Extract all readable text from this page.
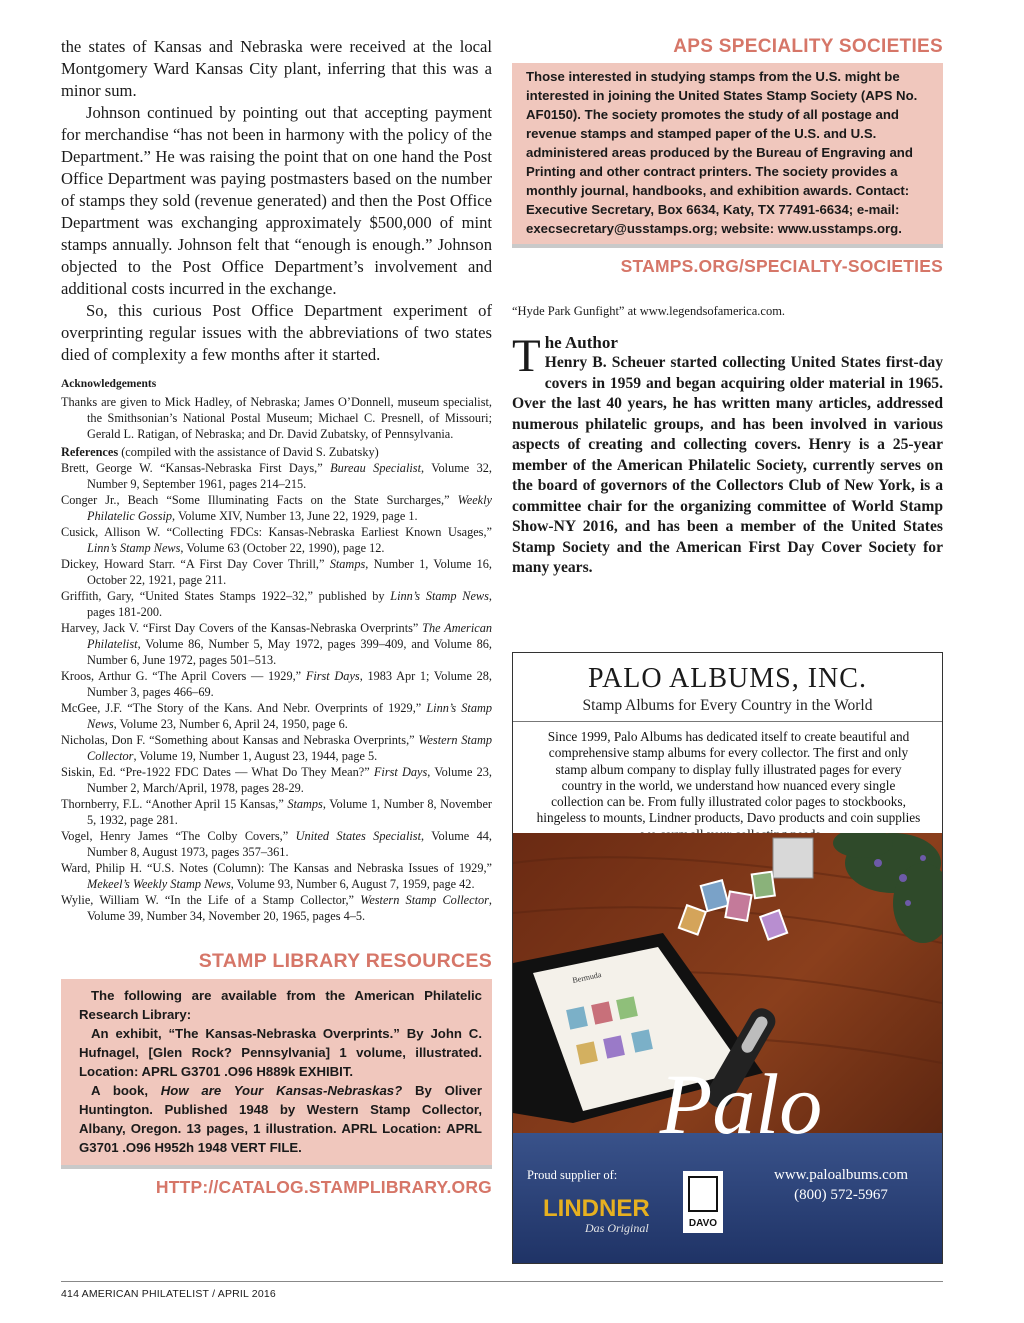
the states of Kansas and Nebraska were received at the local Montgomery Ward Kansas City plant, inferring that this was a minor sum.

Johnson continued by pointing out that accepting payment for merchandise “has not been in harmony with the policy of the Department.” He was raising the point that on one hand the Post Office Department was paying postmasters based on the number of stamps they sold (revenue generated) and then the Post Office Department was exchanging approximately $500,000 of mint stamps annually. Johnson felt that “enough is enough.” Johnson objected to the Post Office Department’s involvement and additional costs incurred in the exchange.

So, this curious Post Office Department experiment of overprinting regular issues with the abbreviations of two states died of complexity a few months after it started.

Acknowledgements

Thanks are given to Mick Hadley, of Nebraska; James O’Donnell, museum specialist, the Smithsonian’s National Postal Museum; Michael C. Presnell, of Missouri; Gerald L. Ratigan, of Nebraska; and Dr. David Zubatsky, of Pennsylvania.

References (compiled with the assistance of David S. Zubatsky)

Brett, George W. “Kansas-Nebraska First Days,” Bureau Specialist, Volume 32, Number 9, September 1961, pages 214–215.

Conger Jr., Beach “Some Illuminating Facts on the State Surcharges,” Weekly Philatelic Gossip, Volume XIV, Number 13, June 22, 1929, page 1.

Cusick, Allison W. “Collecting FDCs: Kansas-Nebraska Earliest Known Usages,” Linn’s Stamp News, Volume 63 (October 22, 1990), page 12.

Dickey, Howard Starr. “A First Day Cover Thrill,” Stamps, Number 1, Volume 16, October 22, 1921, page 211.

Griffith, Gary, “United States Stamps 1922–32,” published by Linn’s Stamp News, pages 181-200.

Harvey, Jack V. “First Day Covers of the Kansas-Nebraska Overprints” The American Philatelist, Volume 86, Number 5, May 1972, pages 399–409, and Volume 86, Number 6, June 1972, pages 501–513.

Kroos, Arthur G. “The April Covers — 1929,” First Days, 1983 Apr 1; Volume 28, Number 3, pages 466–69.

McGee, J.F. “The Story of the Kans. And Nebr. Overprints of 1929,” Linn’s Stamp News, Volume 23, Number 6, April 24, 1950, page 6.

Nicholas, Don F. “Something about Kansas and Nebraska Overprints,” Western Stamp Collector, Volume 19, Number 1, August 23, 1944, page 5.

Siskin, Ed. “Pre-1922 FDC Dates — What Do They Mean?” First Days, Volume 23, Number 2, March/April, 1978, pages 28-29.

Thornberry, F.L. “Another April 15 Kansas,” Stamps, Volume 1, Number 8, November 5, 1932, page 281.

Vogel, Henry James “The Colby Covers,” United States Specialist, Volume 44, Number 8, August 1973, pages 357–361.

Ward, Philip H. “U.S. Notes (Column): The Kansas and Nebraska Issues of 1929,” Mekeel’s Weekly Stamp News, Volume 93, Number 6, August 7, 1959, page 42.

Wylie, William W. “In the Life of a Stamp Collector,” Western Stamp Collector, Volume 39, Number 34, November 20, 1965, pages 4–5.

STAMP LIBRARY RESOURCES
The following are available from the American Philatelic Research Library:
An exhibit, “The Kansas-Nebraska Overprints.” By John C. Hufnagel, [Glen Rock? Pennsylvania] 1 volume, illustrated. Location: APRL G3701 .O96 H889k EXHIBIT.
A book, How are Your Kansas-Nebraskas? By Oliver Huntington. Published 1948 by Western Stamp Collector, Albany, Oregon. 13 pages, 1 illustration. APRL Location: APRL G3701 .O96 H952h 1948 VERT FILE.
HTTP://CATALOG.STAMPLIBRARY.ORG
APS SPECIALITY SOCIETIES
Those interested in studying stamps from the U.S. might be interested in joining the United States Stamp Society (APS No. AF0150). The society promotes the study of all postage and revenue stamps and stamped paper of the U.S. and U.S. administered areas produced by the Bureau of Engraving and Printing and other contract printers. The society provides a monthly journal, handbooks, and exhibition awards. Contact: Executive Secretary, Box 6634, Katy, TX 77491-6634; e-mail: execsecretary@usstamps.org; website: www.usstamps.org.
STAMPS.ORG/SPECIALTY-SOCIETIES
“Hyde Park Gunfight” at www.legendsofamerica.com.
T he Author
Henry B. Scheuer started collecting United States first-day covers in 1959 and began acquiring older material in 1965. Over the last 40 years, he has written many articles, addressed numerous philatelic groups, and has been involved in various aspects of creating and collecting covers. Henry is a 25-year member of the American Philatelic Society, currently serves on the board of governors of the Collectors Club of New York, is a committee chair for the organizing committee of World Stamp Show-NY 2016, and has been a member of the United States Stamp Society and the American First Day Cover Society for many years.
PALO ALBUMS, INC.
Stamp Albums for Every Country in the World
Since 1999, Palo Albums has dedicated itself to create beautiful and comprehensive stamp albums for every collector. The first and only stamp album company to display fully illustrated pages for every country in the world, we understand how nuanced every single collection can be. From fully illustrated color pages to stockbooks, hingeless to mounts, Lindner products, Davo products and coin supplies
Bermuda
Palo
Proud supplier of:
LINDNER
Das Original	DAVO
www.paloalbums.com
(800) 572-5967
414 AMERICAN PHILATELIST / APRIL 2016
